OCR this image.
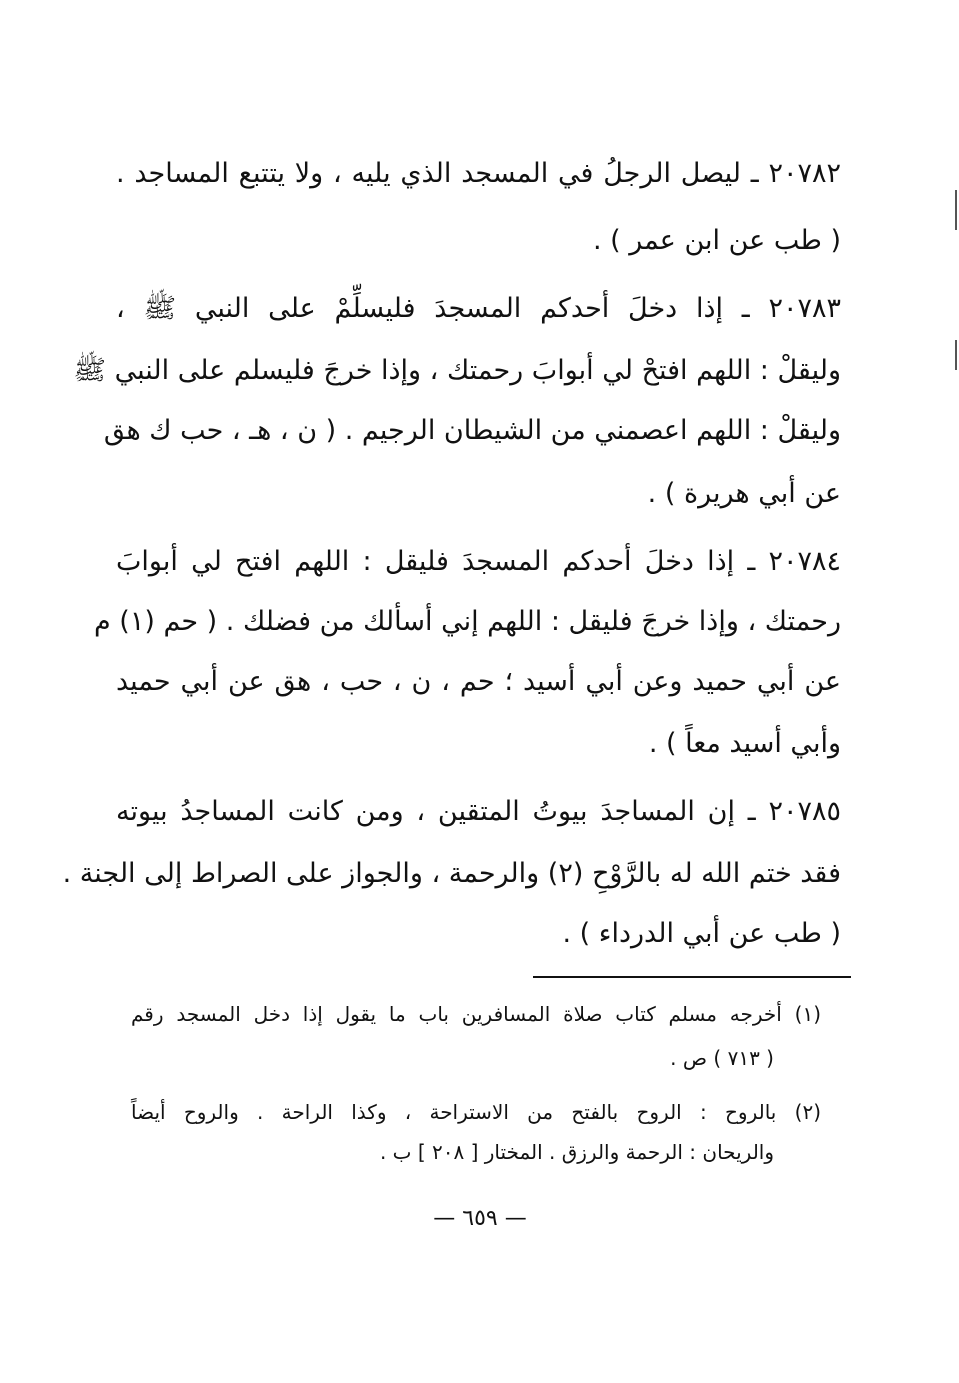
٢٠٧٨٢ ـ ليصل الرجلُ في المسجد الذي يليه ، ولا يتتبع المساجد .
( طب عن ابن عمر ) .
٢٠٧٨٣ ـ إذا دخلَ أحدكم المسجدَ فليسلِّمْ على النبي ﷺ ،
وليقلْ : اللهم افتحْ لي أبوابَ رحمتك ، وإذا خرجَ فليسلم على النبي ﷺ
وليقلْ : اللهم اعصمني من الشيطان الرجيم . ( ن ، هـ ، حب ك هق
عن أبي هريرة ) .
٢٠٧٨٤ ـ إذا دخلَ أحدكم المسجدَ فليقل : اللهم افتح لي أبوابَ
رحمتك ، وإذا خرجَ فليقل : اللهم إني أسألك من فضلك . ( حم (١) م
عن أبي حميد وعن أبي أسيد ؛ حم ، ن ، حب ، هق عن أبي حميد
وأبي أسيد معاً ) .
٢٠٧٨٥ ـ إن المساجدَ بيوتُ المتقين ، ومن كانت المساجدُ بيوته
فقد ختم الله له بالرَّوْحِ (٢) والرحمة ، والجواز على الصراط إلى الجنة .
( طب عن أبي الدرداء ) .
(١) أخرجه مسلم كتاب صلاة المسافرين باب ما يقول إذا دخل المسجد رقم
( ٧١٣ ) ص .
(٢) بالروح : الروح بالفتح من الاستراحة ، وكذا الراحة . والروح أيضاً
والريحان : الرحمة والرزق . المختار [ ٢٠٨ ] ب .
— ٦٥٩ —
